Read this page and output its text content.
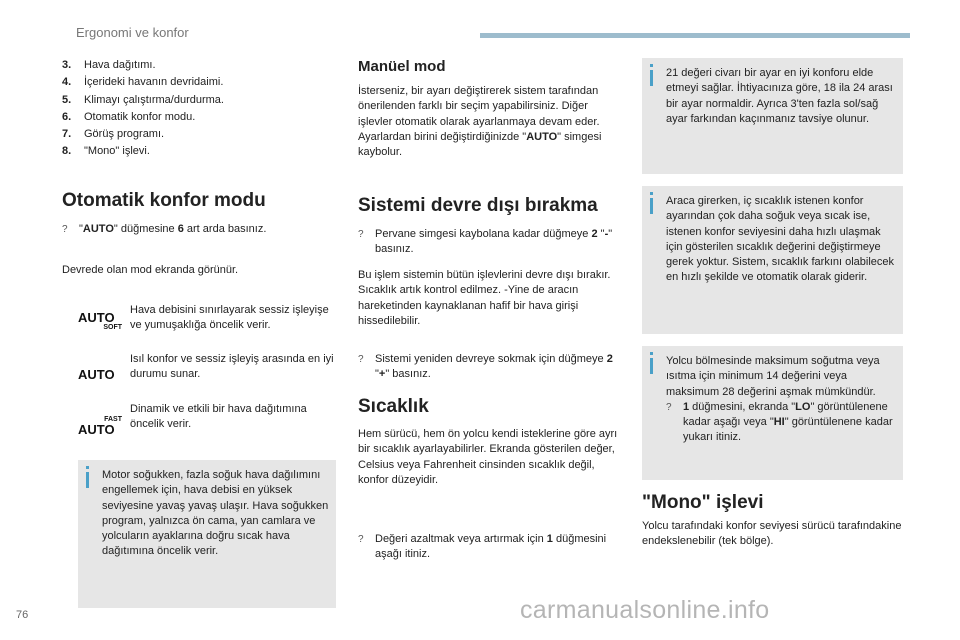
Ergonomi ve konfor
3.	Hava dağıtımı.
4.	İçerideki havanın devridaimi.
5.	Klimayı çalıştırma/durdurma.
6.	Otomatik konfor modu.
7.	Görüş programı.
8.	"Mono" işlevi.
Otomatik konfor modu
?	"AUTO" düğmesine 6 art arda basınız.
Devrede olan mod ekranda görünür.
AUTO
SOFT
Hava debisini sınırlayarak sessiz işleyişe ve yumuşaklığa öncelik verir.
AUTO
Isıl konfor ve sessiz işleyiş arasında en iyi durumu sunar.
FAST
AUTO
Dinamik ve etkili bir hava dağıtımına öncelik verir.
Motor soğukken, fazla soğuk hava dağılımını engellemek için, hava debisi en yüksek seviyesine yavaş yavaş ulaşır. Hava soğukken program, yalnızca ön cama, yan camlara ve yolcuların ayaklarına doğru sıcak hava dağıtımına öncelik verir.
Manüel mod
İsterseniz, bir ayarı değiştirerek sistem tarafından önerilenden farklı bir seçim yapabilirsiniz. Diğer işlevler otomatik olarak ayarlanmaya devam eder. Ayarlardan birini değiştirdiğinizde "AUTO" simgesi kaybolur.
Sistemi devre dışı bırakma
?	Pervane simgesi kaybolana kadar düğmeye 2 "-" basınız.
Bu işlem sistemin bütün işlevlerini devre dışı bırakır. Sıcaklık artık kontrol edilmez. -Yine de aracın hareketinden kaynaklanan hafif bir hava girişi hissedilebilir.
?	Sistemi yeniden devreye sokmak için düğmeye 2 "+" basınız.
Sıcaklık
Hem sürücü, hem ön yolcu kendi isteklerine göre ayrı bir sıcaklık ayarlayabilirler. Ekranda gösterilen değer, Celsius veya Fahrenheit cinsinden sıcaklık değil, konfor düzeyidir.
?	Değeri azaltmak veya artırmak için 1 düğmesini aşağı itiniz.
21 değeri civarı bir ayar en iyi konforu elde etmeyi sağlar. İhtiyacınıza göre, 18 ila 24 arası bir ayar normaldir. Ayrıca 3'ten fazla sol/sağ ayar farkından kaçınmanız tavsiye olunur.
Araca girerken, iç sıcaklık istenen konfor ayarından çok daha soğuk veya sıcak ise, istenen konfor seviyesini daha hızlı ulaşmak için gösterilen sıcaklık değerini değiştirmeye gerek yoktur. Sistem, sıcaklık farkını olabilecek en hızlı şekilde ve otomatik olarak giderir.
Yolcu bölmesinde maksimum soğutma veya ısıtma için minimum 14 değerini veya maksimum 28 değerini aşmak mümkündür.
?	1 düğmesini, ekranda "LO" görüntülenene kadar aşağı veya "HI" görüntülenene kadar yukarı itiniz.
"Mono" işlevi
Yolcu tarafındaki konfor seviyesi sürücü tarafındakine endekslenebilir (tek bölge).
76	carmanualsonline.info
